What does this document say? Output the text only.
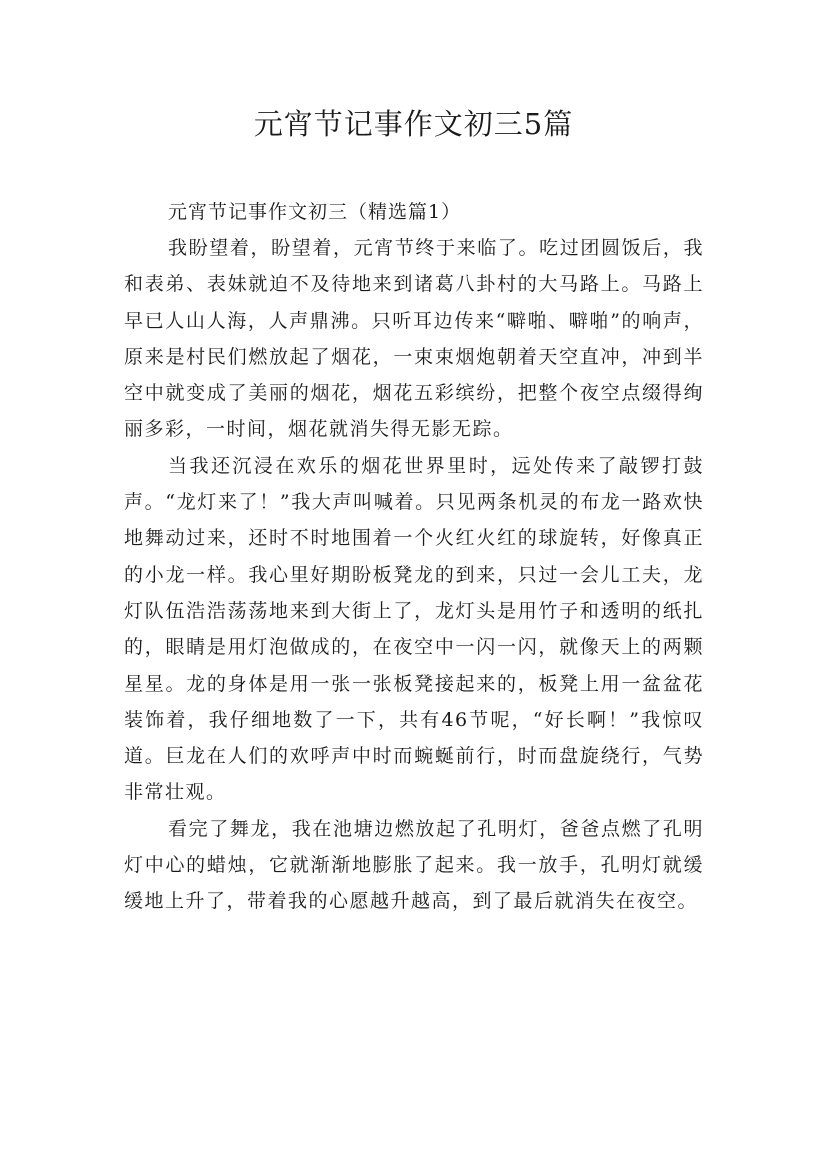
元宵节记事作文初三5篇

元宵节记事作文初三（精选篇1）

我盼望着，盼望着，元宵节终于来临了。吃过团圆饭后，我和表弟、表妹就迫不及待地来到诸葛八卦村的大马路上。马路上早已人山人海，人声鼎沸。只听耳边传来“噼啪、噼啪”的响声，原来是村民们燃放起了烟花，一束束烟炮朝着天空直冲，冲到半空中就变成了美丽的烟花，烟花五彩缤纷，把整个夜空点缀得绚丽多彩，一时间，烟花就消失得无影无踪。

当我还沉浸在欢乐的烟花世界里时，远处传来了敲锣打鼓声。“龙灯来了！”我大声叫喊着。只见两条机灵的布龙一路欢快地舞动过来，还时不时地围着一个火红火红的球旋转，好像真正的小龙一样。我心里好期盼板凳龙的到来，只过一会儿工夫，龙灯队伍浩浩荡荡地来到大街上了，龙灯头是用竹子和透明的纸扎的，眼睛是用灯泡做成的，在夜空中一闪一闪，就像天上的两颗星星。龙的身体是用一张一张板凳接起来的，板凳上用一盆盆花装饰着，我仔细地数了一下，共有46节呢，“好长啊！”我惊叹道。巨龙在人们的欢呼声中时而蜿蜒前行，时而盘旋绕行，气势非常壮观。

看完了舞龙，我在池塘边燃放起了孔明灯，爸爸点燃了孔明灯中心的蜡烛，它就渐渐地膨胀了起来。我一放手，孔明灯就缓缓地上升了，带着我的心愿越升越高，到了最后就消失在夜空。
